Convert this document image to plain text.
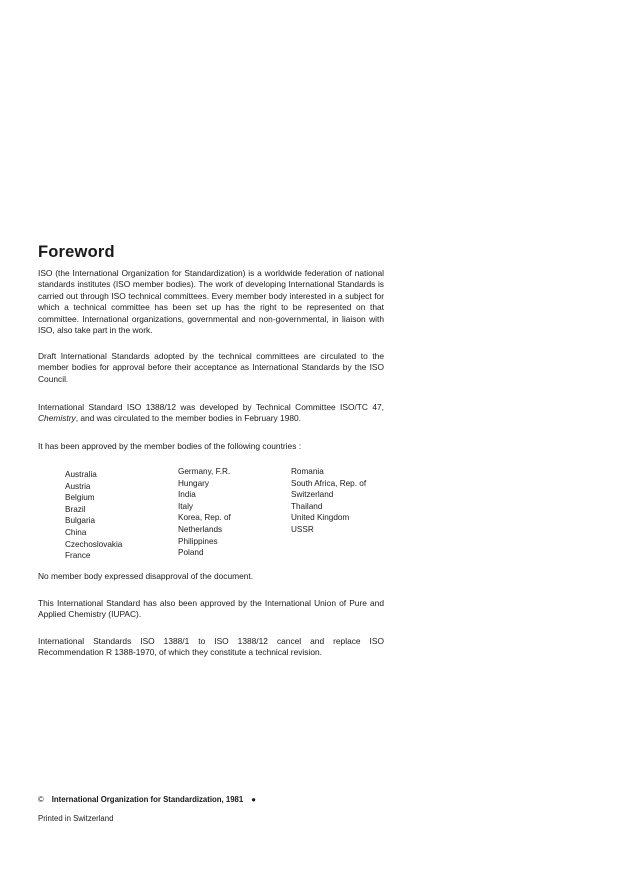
Foreword

ISO (the International Organization for Standardization) is a worldwide federation of national standards institutes (ISO member bodies). The work of developing International Standards is carried out through ISO technical committees. Every member body interested in a subject for which a technical committee has been set up has the right to be represented on that committee. International organizations, governmental and non-governmental, in liaison with ISO, also take part in the work.

Draft International Standards adopted by the technical committees are circulated to the member bodies for approval before their acceptance as International Standards by the ISO Council.

International Standard ISO 1388/12 was developed by Technical Committee ISO/TC 47, Chemistry, and was circulated to the member bodies in February 1980.

It has been approved by the member bodies of the following countries :

Australia
Austria
Belgium
Brazil
Bulgaria
China
Czechoslovakia
France
Germany, F.R.
Hungary
India
Italy
Korea, Rep. of
Netherlands
Philippines
Poland
Romania
South Africa, Rep. of
Switzerland
Thailand
United Kingdom
USSR

No member body expressed disapproval of the document.

This International Standard has also been approved by the International Union of Pure and Applied Chemistry (IUPAC).

International Standards ISO 1388/1 to ISO 1388/12 cancel and replace ISO Recommendation R 1388-1970, of which they constitute a technical revision.

© International Organization for Standardization, 1981 ●
Printed in Switzerland
